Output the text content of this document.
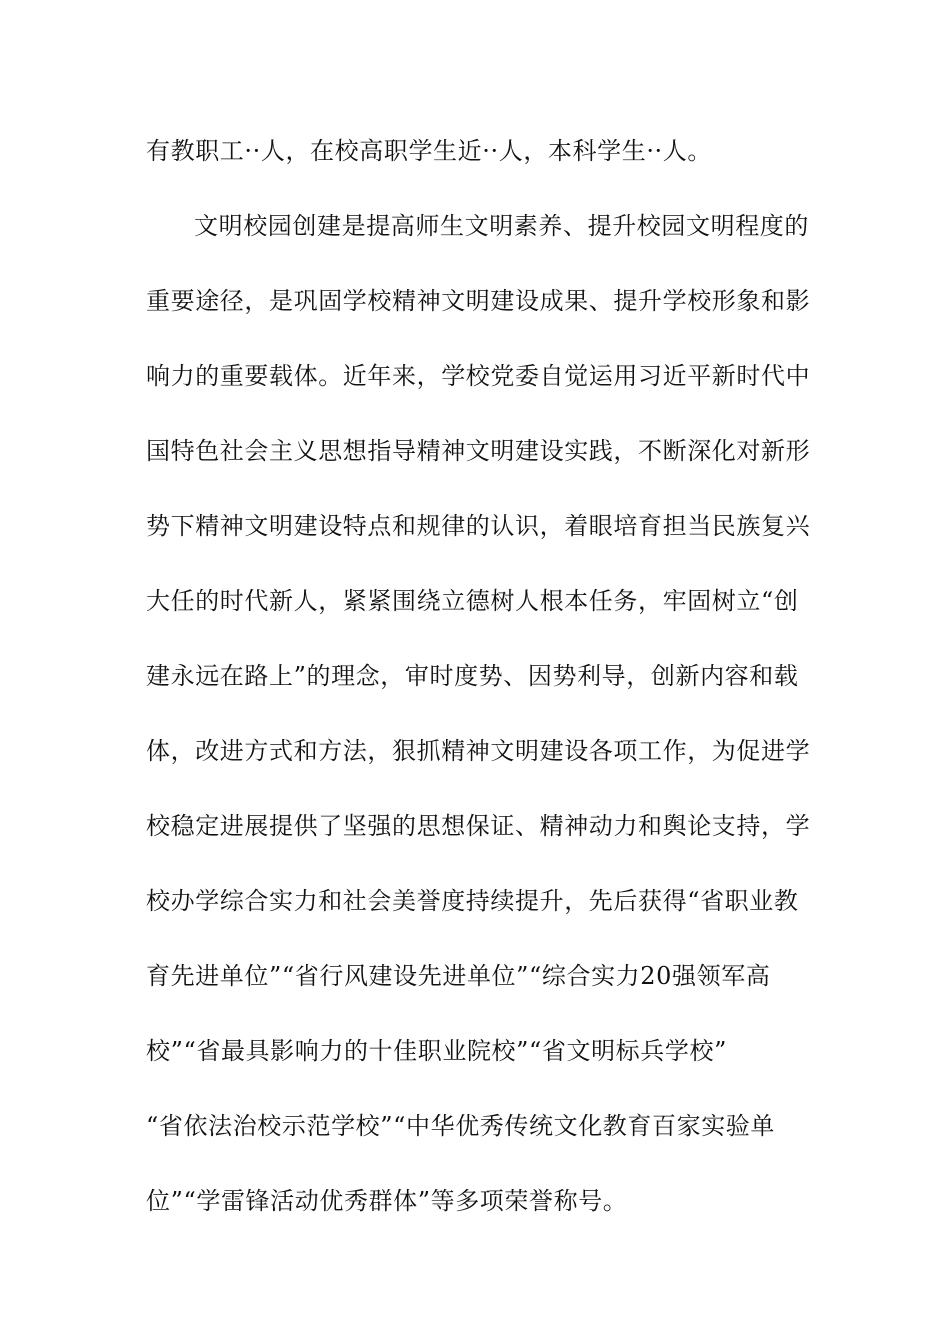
有教职工··人，在校高职学生近··人，本科学生··人。
文明校园创建是提高师生文明素养、提升校园文明程度的
重要途径，是巩固学校精神文明建设成果、提升学校形象和影
响力的重要载体。近年来，学校党委自觉运用习近平新时代中
国特色社会主义思想指导精神文明建设实践，不断深化对新形
势下精神文明建设特点和规律的认识，着眼培育担当民族复兴
大任的时代新人，紧紧围绕立德树人根本任务，牢固树立“创
建永远在路上”的理念，审时度势、因势利导，创新内容和载
体，改进方式和方法，狠抓精神文明建设各项工作，为促进学
校稳定进展提供了坚强的思想保证、精神动力和舆论支持，学
校办学综合实力和社会美誉度持续提升，先后获得“省职业教
育先进单位”“省行风建设先进单位”“综合实力20强领军高
校”“省最具影响力的十佳职业院校”“省文明标兵学校”
“省依法治校示范学校”“中华优秀传统文化教育百家实验单
位”“学雷锋活动优秀群体”等多项荣誉称号。
